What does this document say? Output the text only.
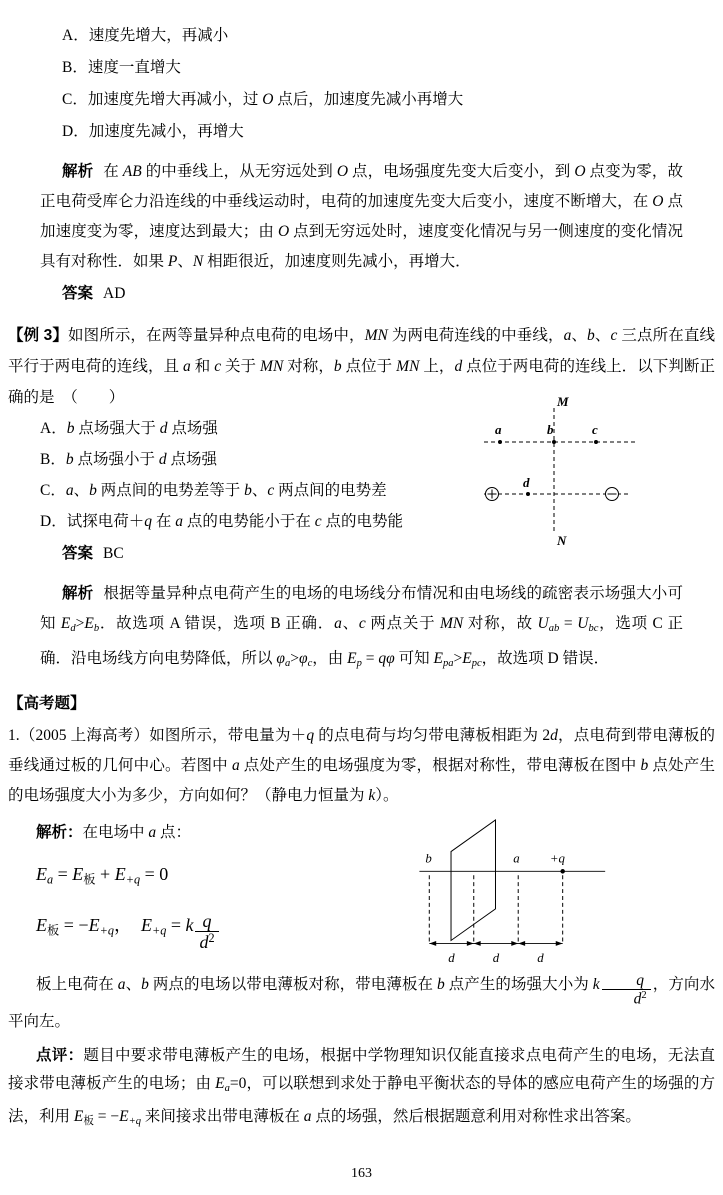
A．速度先增大，再减小
B．速度一直增大
C．加速度先增大再减小，过 O 点后，加速度先减小再增大
D．加速度先减小，再增大

解析 在 AB 的中垂线上，从无穷远处到 O 点，电场强度先变大后变小，到 O 点变为零，故正电荷受库仑力沿连线的中垂线运动时，电荷的加速度先变大后变小，速度不断增大，在 O 点加速度变为零，速度达到最大；由 O 点到无穷远处时，速度变化情况与另一侧速度的变化情况具有对称性．如果 P、N 相距很近，加速度则先减小，再增大．

答案 AD

【例 3】如图所示，在两等量异种点电荷的电场中，MN 为两电荷连线的中垂线，a、b、c 三点所在直线平行于两电荷的连线，且 a 和 c 关于 MN 对称，b 点位于 MN 上，d 点位于两电荷的连线上．以下判断正确的是　（　　）

A．b 点场强大于 d 点场强
B．b 点场强小于 d 点场强
C．a、b 两点间的电势差等于 b、c 两点间的电势差
D．试探电荷＋q 在 a 点的电势能小于在 c 点的电势能
答案 BC

解析 根据等量异种点电荷产生的电场的电场线分布情况和由电场线的疏密表示场强大小可知 Ed>Eb．故选项 A 错误，选项 B 正确．a、c 两点关于 MN 对称，故 Uab = Ubc，选项 C 正确．沿电场线方向电势降低，所以 φa>φc，由 Ep = qφ 可知 Epa>Epc，故选项 D 错误．

【高考题】

1.（2005 上海高考）如图所示，带电量为＋q 的点电荷与均匀带电薄板相距为 2d，点电荷到带电薄板的垂线通过板的几何中心。若图中 a 点处产生的电场强度为零，根据对称性，带电薄板在图中 b 点处产生的电场强度大小为多少，方向如何？（静电力恒量为 k）。

解析：在电场中 a 点：

Ea = E板 + E+q = 0
E板 = −E+q，　E+q = k $\frac{q}{d^2}$

板上电荷在 a、b 两点的电场以带电薄板对称，带电薄板在 b 点产生的场强大小为 k $\frac{q}{d^2}$ ，方向水平向左。

点评：题目中要求带电薄板产生的电场，根据中学物理知识仅能直接求点电荷产生的电场，无法直接求带电薄板产生的电场；由 Ea=0，可以联想到求处于静电平衡状态的导体的感应电荷产生的场强的方法，利用 E板 = −E+q 来间接求出带电薄板在 a 点的场强，然后根据题意利用对称性求出答案。

M
N
a	b	c
d
b	a +q
d	d	d
163
